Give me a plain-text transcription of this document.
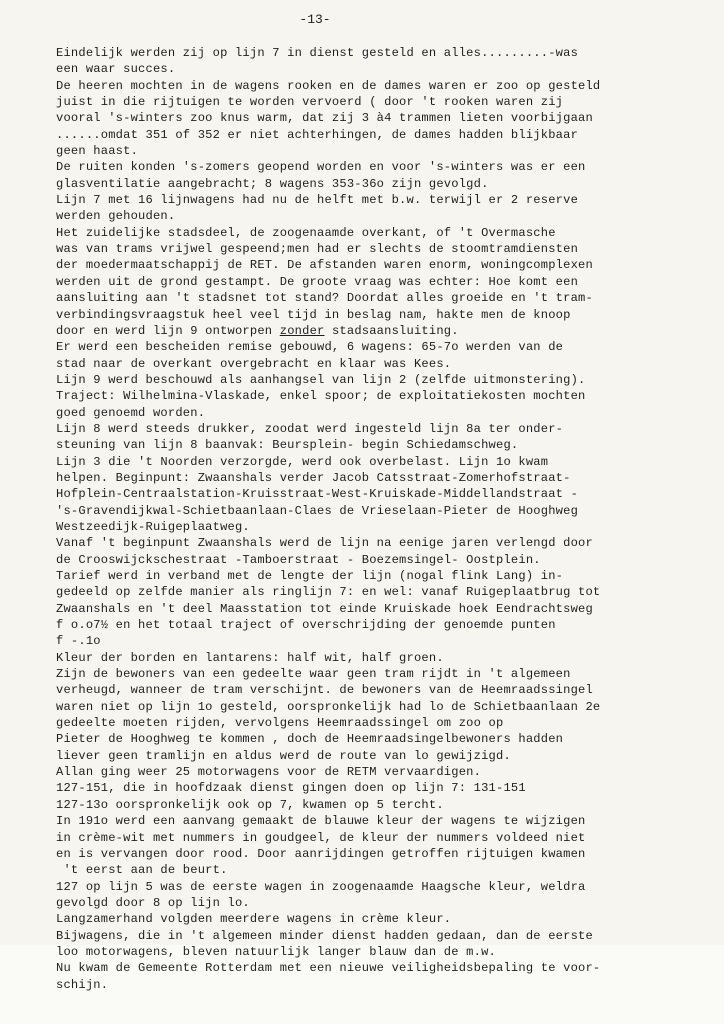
-13-
Eindelijk werden zij op lijn 7 in dienst gesteld en alles.........-was
een waar succes.
De heeren mochten in de wagens rooken en de dames waren er zoo op gesteld
juist in die rijtuigen te worden vervoerd ( door 't rooken waren zij
vooral 's-winters zoo knus warm, dat zij 3 à4 trammen lieten voorbijgaan
......omdat 351 of 352 er niet achterhingen, de dames hadden blijkbaar
geen haast.
De ruiten konden 's-zomers geopend worden en voor 's-winters was er een
glasventilatie aangebracht; 8 wagens 353-36o zijn gevolgd.
Lijn 7 met 16 lijnwagens had nu de helft met b.w. terwijl er 2 reserve
werden gehouden.
Het zuidelijke stadsdeel, de zoogenaamde overkant, of 't Overmasche
was van trams vrijwel gespeend;men had er slechts de stoomtramdiensten
der moedermaatschappij de RET. De afstanden waren enorm, woningcomplexen
werden uit de grond gestampt. De groote vraag was echter: Hoe komt een
aansluiting aan 't stadsnet tot stand? Doordat alles groeide en 't tram-
verbindingsvraagstuk heel veel tijd in beslag nam, hakte men de knoop
door en werd lijn 9 ontworpen zonder stadsaansluiting.
Er werd een bescheiden remise gebouwd, 6 wagens: 65-7o werden van de
stad naar de overkant overgebracht en klaar was Kees.
Lijn 9 werd beschouwd als aanhangsel van lijn 2 (zelfde uitmonstering).
Traject: Wilhelmina-Vlaskade, enkel spoor; de exploitatiekosten mochten
goed genoemd worden.
Lijn 8 werd steeds drukker, zoodat werd ingesteld lijn 8a ter onder-
steuning van lijn 8 baanvak: Beursplein- begin Schiedamschweg.
Lijn 3 die 't Noorden verzorgde, werd ook overbelast. Lijn 1o kwam
helpen. Beginpunt: Zwaanshals verder Jacob Catsstraat-Zomerhofstraat-
Hofplein-Centraalstation-Kruisstraat-West-Kruiskade-Middellandstraat -
's-Gravendijkwal-Schietbaanlaan-Claes de Vrieselaan-Pieter de Hooghweg
Westzeedijk-Ruigeplaatweg.
Vanaf 't beginpunt Zwaanshals werd de lijn na eenige jaren verlengd door
de Crooswijckschestraat -Tamboerstraat - Boezemsingel- Oostplein.
Tarief werd in verband met de lengte der lijn (nogal flink Lang) in-
gedeeld op zelfde manier als ringlijn 7: en wel: vanaf Ruigeplaatbrug tot
Zwaanshals en 't deel Maasstation tot einde Kruiskade hoek Eendrachtsweg
f o.o7½ en het totaal traject of overschrijding der genoemde punten
f -.1o
Kleur der borden en lantarens: half wit, half groen.
Zijn de bewoners van een gedeelte waar geen tram rijdt in 't algemeen
verheugd, wanneer de tram verschijnt. de bewoners van de Heemraadssingel
waren niet op lijn 1o gesteld, oorspronkelijk had lo de Schietbaanlaan 2e
gedeelte moeten rijden, vervolgens Heemraadssingel om zoo op
Pieter de Hooghweg te kommen , doch de Heemraadsingelbewoners hadden
liever geen tramlijn en aldus werd de route van lo gewijzigd.
Allan ging weer 25 motorwagens voor de RETM vervaardigen.
127-151, die in hoofdzaak dienst gingen doen op lijn 7: 131-151
127-13o oorspronkelijk ook op 7, kwamen op 5 tercht.
In 191o werd een aanvang gemaakt de blauwe kleur der wagens te wijzigen
in crème-wit met nummers in goudgeel, de kleur der nummers voldeed niet
en is vervangen door rood. Door aanrijdingen getroffen rijtuigen kwamen
't eerst aan de beurt.
127 op lijn 5 was de eerste wagen in zoogenaamde Haagsche kleur, weldra
gevolgd door 8 op lijn lo.
Langzamerhand volgden meerdere wagens in crème kleur.
Bijwagens, die in 't algemeen minder dienst hadden gedaan, dan de eerste
loo motorwagens, bleven natuurlijk langer blauw dan de m.w.
Nu kwam de Gemeente Rotterdam met een nieuwe veiligheidsbepaling te voor-
schijn.
